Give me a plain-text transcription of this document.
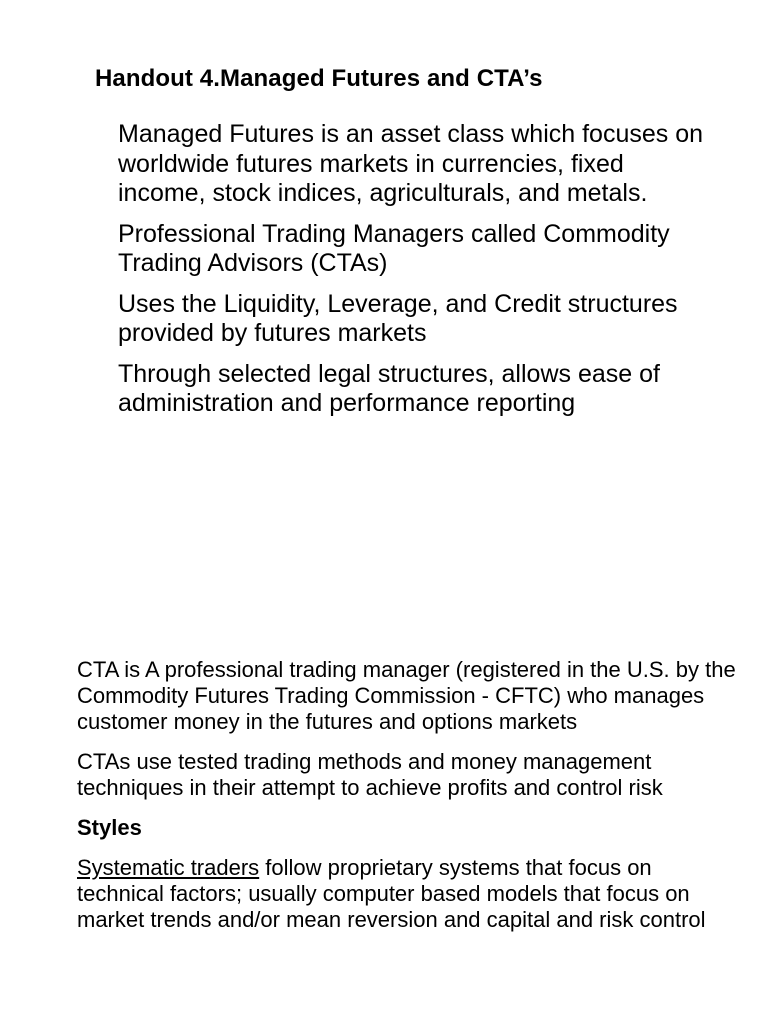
Handout 4.Managed Futures and CTA’s
Managed Futures is an asset class which focuses on worldwide futures markets in currencies, fixed income, stock indices, agriculturals, and metals.
Professional Trading Managers called Commodity Trading Advisors (CTAs)
Uses the Liquidity, Leverage, and Credit structures provided by futures markets
Through selected legal structures, allows ease of administration and performance reporting

CTA is A professional trading manager (registered in the U.S. by the Commodity Futures Trading Commission - CFTC) who manages customer money in the futures and options markets

CTAs use tested trading methods and money management techniques in their attempt to achieve profits and control risk

Styles

Systematic traders follow proprietary systems that focus on technical factors; usually computer based models that focus on market trends and/or mean reversion and capital and risk control
